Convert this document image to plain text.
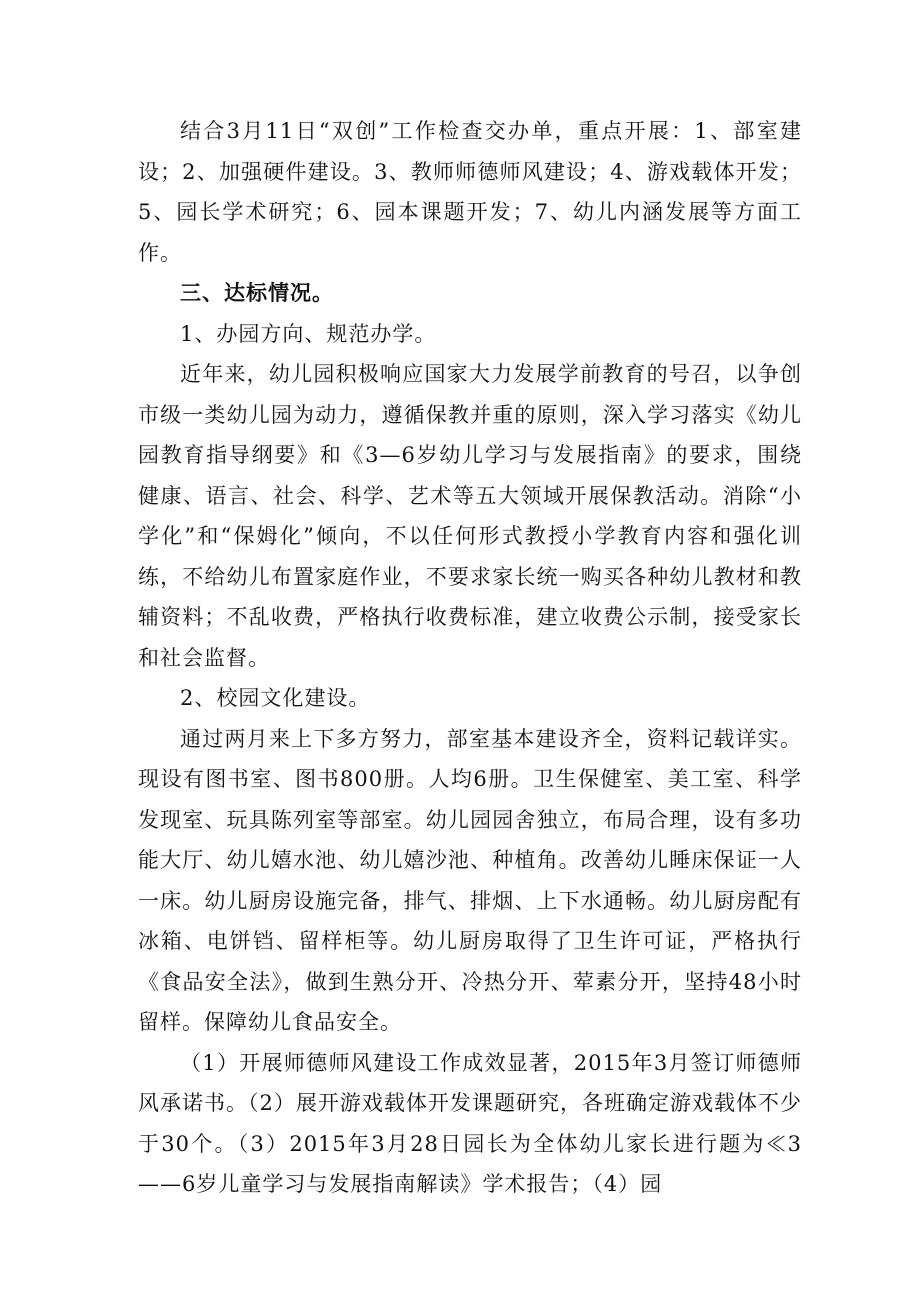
结合3月11日“双创”工作检查交办单，重点开展：1、部室建设；2、加强硬件建设。3、教师师德师风建设；4、游戏载体开发；5、园长学术研究；6、园本课题开发；7、幼儿内涵发展等方面工作。

三、达标情况。

1、办园方向、规范办学。

近年来，幼儿园积极响应国家大力发展学前教育的号召，以争创市级一类幼儿园为动力，遵循保教并重的原则，深入学习落实《幼儿园教育指导纲要》和《3—6岁幼儿学习与发展指南》的要求，围绕健康、语言、社会、科学、艺术等五大领域开展保教活动。消除“小学化”和“保姆化”倾向，不以任何形式教授小学教育内容和强化训练，不给幼儿布置家庭作业，不要求家长统一购买各种幼儿教材和教辅资料；不乱收费，严格执行收费标准，建立收费公示制，接受家长和社会监督。

2、校园文化建设。

通过两月来上下多方努力，部室基本建设齐全，资料记载详实。现设有图书室、图书800册。人均6册。卫生保健室、美工室、科学发现室、玩具陈列室等部室。幼儿园园舍独立，布局合理，设有多功能大厅、幼儿嬉水池、幼儿嬉沙池、种植角。改善幼儿睡床保证一人一床。幼儿厨房设施完备，排气、排烟、上下水通畅。幼儿厨房配有冰箱、电饼铛、留样柜等。幼儿厨房取得了卫生许可证，严格执行《食品安全法》，做到生熟分开、冷热分开、荤素分开，坚持48小时留样。保障幼儿食品安全。

（1）开展师德师风建设工作成效显著，2015年3月签订师德师风承诺书。（2）展开游戏载体开发课题研究，各班确定游戏载体不少于30个。（3）2015年3月28日园长为全体幼儿家长进行题为≪3——6岁儿童学习与发展指南解读》学术报告；（4）园
